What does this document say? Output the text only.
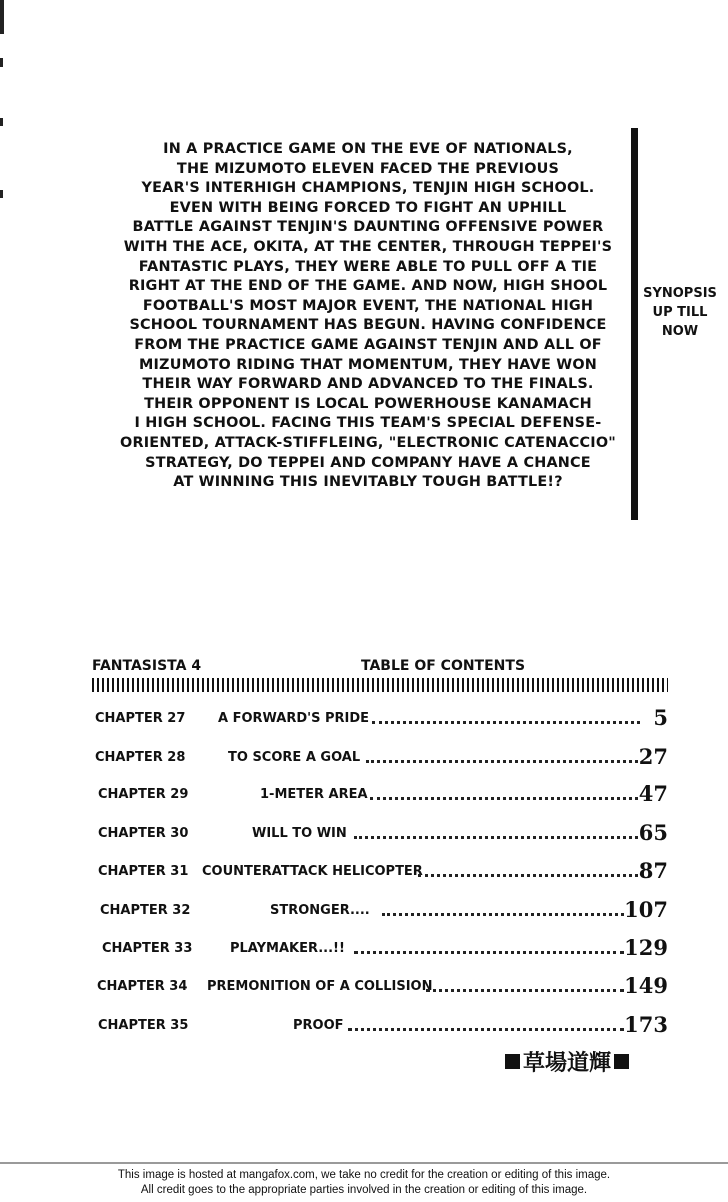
IN A PRACTICE GAME ON THE EVE OF NATIONALS,
THE MIZUMOTO ELEVEN FACED THE PREVIOUS
YEAR'S INTERHIGH CHAMPIONS, TENJIN HIGH SCHOOL.
EVEN WITH BEING FORCED TO FIGHT AN UPHILL
BATTLE AGAINST TENJIN'S DAUNTING OFFENSIVE POWER
WITH THE ACE, OKITA, AT THE CENTER, THROUGH TEPPEI'S
FANTASTIC PLAYS, THEY WERE ABLE TO PULL OFF A TIE
RIGHT AT THE END OF THE GAME. AND NOW, HIGH SHOOL
FOOTBALL'S MOST MAJOR EVENT, THE NATIONAL HIGH
SCHOOL TOURNAMENT HAS BEGUN. HAVING CONFIDENCE
FROM THE PRACTICE GAME AGAINST TENJIN AND ALL OF
MIZUMOTO RIDING THAT MOMENTUM, THEY HAVE WON
THEIR WAY FORWARD AND ADVANCED TO THE FINALS.
THEIR OPPONENT IS LOCAL POWERHOUSE KANAMACH
I HIGH SCHOOL. FACING THIS TEAM'S SPECIAL DEFENSE-
ORIENTED, ATTACK-STIFFLEING, "ELECTRONIC CATENACCIO"
STRATEGY, DO TEPPEI AND COMPANY HAVE A CHANCE
AT WINNING THIS INEVITABLY TOUGH BATTLE!?
SYNOPSIS
UP TILL
NOW
FANTASISTA 4	TABLE OF CONTENTS
CHAPTER 27	A FORWARD'S PRIDE	5
CHAPTER 28	TO SCORE A GOAL	27
CHAPTER 29	1-METER AREA	47
CHAPTER 30	WILL TO WIN	65
CHAPTER 31 COUNTERATTACK HELICOPTER	87
CHAPTER 32	STRONGER....	107
CHAPTER 33	PLAYMAKER...!!	129
CHAPTER 34 PREMONITION OF A COLLISION	149
CHAPTER 35	PROOF	173
草場道輝
This image is hosted at mangafox.com, we take no credit for the creation or editing of this image.
All credit goes to the appropriate parties involved in the creation or editing of this image.
